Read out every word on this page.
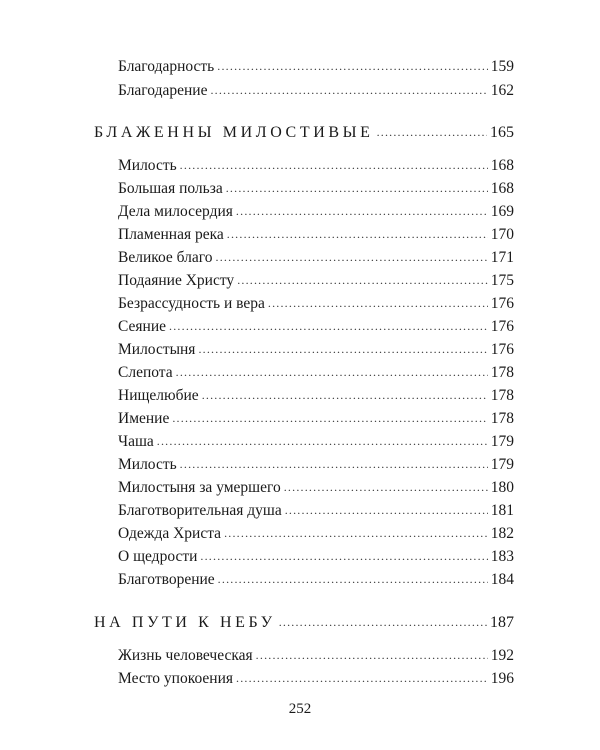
Благодарность .....	159
Благодарение .....	162
БЛАЖЕННЫ МИЛОСТИВЫЕ .....	165
Милость .....	168
Большая польза .....	168
Дела милосердия .....	169
Пламенная река .....	170
Великое благо .....	171
Подаяние Христу .....	175
Безрассудность и вера .....	176
Сеяние .....	176
Милостыня .....	176
Слепота .....	178
Нищелюбие .....	178
Имение .....	178
Чаша .....	179
Милость .....	179
Милостыня за умершего .....	180
Благотворительная душа .....	181
Одежда Христа .....	182
О щедрости .....	183
Благотворение .....	184
НА ПУТИ К НЕБУ .....	187
Жизнь человеческая .....	192
Место упокоения .....	196
252
